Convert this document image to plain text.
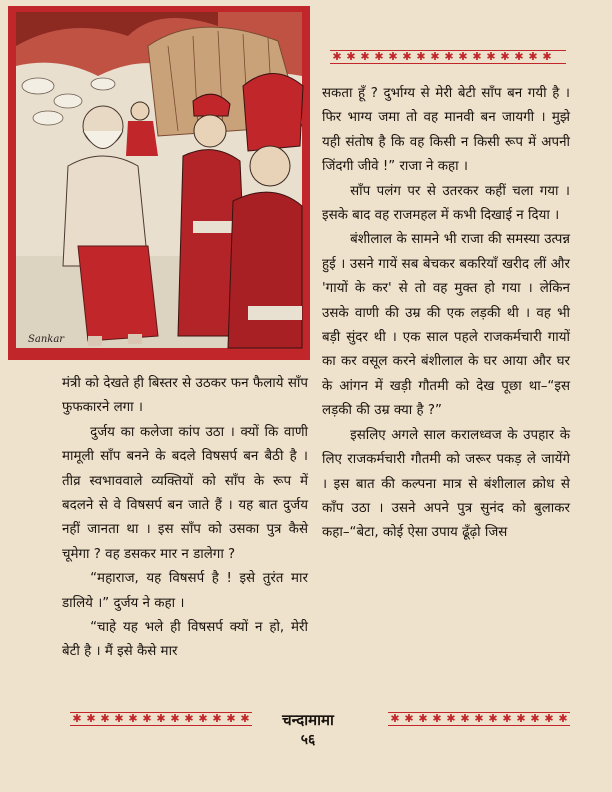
Sankar
✱ ✱ ✱ ✱ ✱ ✱ ✱ ✱ ✱ ✱ ✱ ✱ ✱ ✱ ✱ ✱

मंत्री को देखते ही बिस्तर से उठकर फन फैलाये साँप फुफकारने लगा ।

दुर्जय का कलेजा कांप उठा । क्यों कि वाणी मामूली साँप बनने के बदले विषसर्प बन बैठी है । तीव्र स्वभाववाले व्यक्तियों को साँप के रूप में बदलने से वे विषसर्प बन जाते हैं । यह बात दुर्जय नहीं जानता था । इस साँप को उसका पुत्र कैसे चूमेगा ? वह डसकर मार न डालेगा ?

“महाराज, यह विषसर्प है ! इसे तुरंत मार डालिये ।” दुर्जय ने कहा ।

“चाहे यह भले ही विषसर्प क्यों न हो, मेरी बेटी है । मैं इसे कैसे मार

सकता हूँ ? दुर्भाग्य से मेरी बेटी साँप बन गयी है । फिर भाग्य जमा तो वह मानवी बन जायगी । मुझे यही संतोष है कि वह किसी न किसी रूप में अपनी जिंदगी जीवे !” राजा ने कहा ।

साँप पलंग पर से उतरकर कहीं चला गया । इसके बाद वह राजमहल में कभी दिखाई न दिया ।

बंशीलाल के सामने भी राजा की समस्या उत्पन्न हुई । उसने गायें सब बेचकर बकरियाँ खरीद लीं और 'गायों के कर' से तो वह मुक्त हो गया । लेकिन उसके वाणी की उम्र की एक लड़की थी । वह भी बड़ी सुंदर थी । एक साल पहले राजकर्मचारी गायों का कर वसूल करने बंशीलाल के घर आया और घर के आंगन में खड़ी गौतमी को देख पूछा था–“इस लड़की की उम्र क्या है ?”

इसलिए अगले साल करालध्वज के उपहार के लिए राजकर्मचारी गौतमी को जरूर पकड़ ले जायेंगे । इस बात की कल्पना मात्र से बंशीलाल क्रोध से काँप उठा । उसने अपने पुत्र सुनंद को बुलाकर कहा–“बेटा, कोई ऐसा उपाय ढूँढ़ो जिस

✱ ✱ ✱ ✱ ✱ ✱ ✱ ✱ ✱ ✱ ✱ ✱ ✱	✱ ✱ ✱ ✱ ✱ ✱ ✱ ✱ ✱ ✱ ✱ ✱ ✱
चन्दामामा
५६
